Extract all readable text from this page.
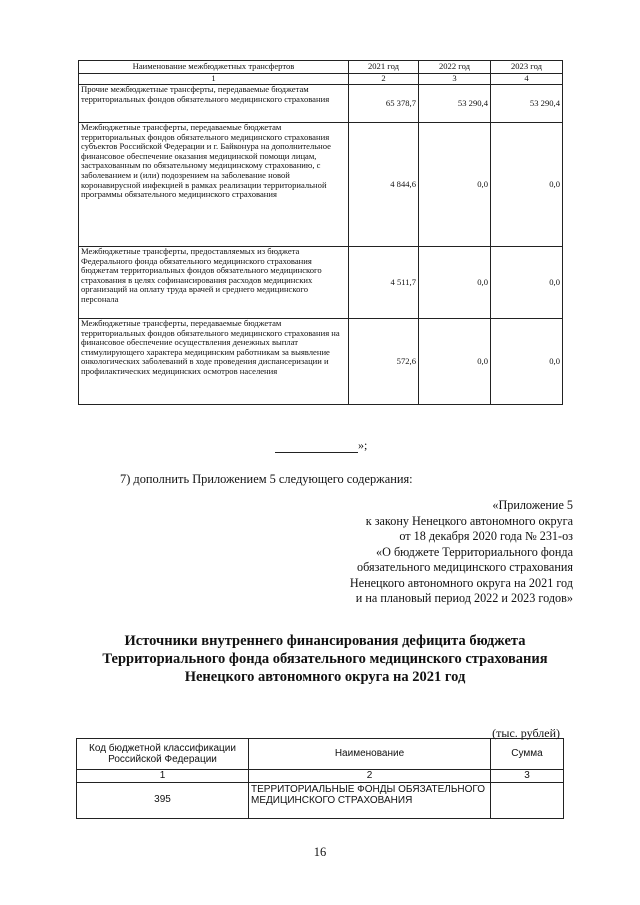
Наименование межбюджетных трансфертов	2021 год	2022 год	2023 год
1	2	3	4
Прочие межбюджетные трансферты, передаваемые бюджетам территориальных фондов обязательного медицинского страхования	65 378,7	53 290,4	53 290,4
Межбюджетные трансферты, передаваемые бюджетам территориальных фондов обязательного медицинского страхования субъектов Российской Федерации и г. Байконура на дополнительное финансовое обеспечение оказания медицинской помощи лицам, застрахованным по обязательному медицинскому страхованию, с заболеванием и (или) подозрением на заболевание новой коронавирусной инфекцией в рамках реализации территориальной программы обязательного медицинского страхования	4 844,6	0,0	0,0
Межбюджетные трансферты, предоставляемых из бюджета Федерального фонда обязательного медицинского страхования бюджетам территориальных фондов обязательного медицинского страхования в целях софинансирования расходов медицинских организаций на оплату труда врачей и среднего медицинского персонала	4 511,7	0,0	0,0
Межбюджетные трансферты, передаваемые бюджетам территориальных фондов обязательного медицинского страхования на финансовое обеспечение осуществления денежных выплат стимулирующего характера медицинским работникам за выявление онкологических заболеваний в ходе проведения диспансеризации и профилактических медицинских осмотров населения	572,6	0,0	0,0
»;
7) дополнить Приложением 5 следующего содержания:
«Приложение 5
к закону Ненецкого автономного округа
от 18 декабря 2020 года № 231-оз
«О бюджете Территориального фонда
обязательного медицинского страхования
Ненецкого автономного округа на 2021 год
и на плановый период 2022 и 2023 годов»
Источники внутреннего финансирования дефицита бюджета
Территориального фонда обязательного медицинского страхования
Ненецкого автономного округа на 2021 год
(тыс. рублей)
Код бюджетной классификации Российской Федерации	Наименование	Сумма
1	2	3
395	ТЕРРИТОРИАЛЬНЫЕ ФОНДЫ ОБЯЗАТЕЛЬНОГО МЕДИЦИНСКОГО СТРАХОВАНИЯ	
16
